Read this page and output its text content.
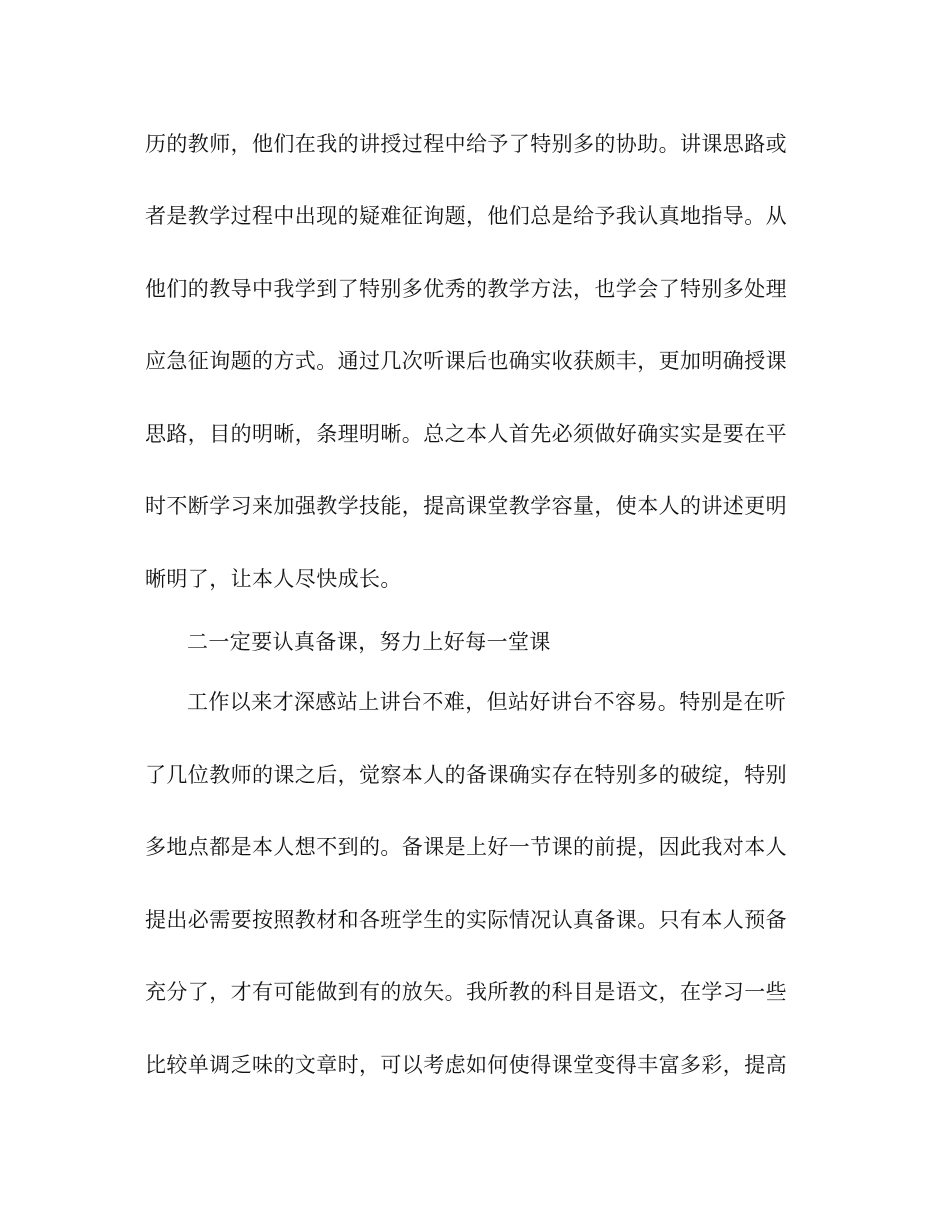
历的教师，他们在我的讲授过程中给予了特别多的协助。讲课思路或
者是教学过程中出现的疑难征询题，他们总是给予我认真地指导。从
他们的教导中我学到了特别多优秀的教学方法，也学会了特别多处理
应急征询题的方式。通过几次听课后也确实收获颇丰，更加明确授课
思路，目的明晰，条理明晰。总之本人首先必须做好确实实是要在平
时不断学习来加强教学技能，提高课堂教学容量，使本人的讲述更明
晰明了，让本人尽快成长。
二一定要认真备课，努力上好每一堂课
工作以来才深感站上讲台不难，但站好讲台不容易。特别是在听
了几位教师的课之后，觉察本人的备课确实存在特别多的破绽，特别
多地点都是本人想不到的。备课是上好一节课的前提，因此我对本人
提出必需要按照教材和各班学生的实际情况认真备课。只有本人预备
充分了，才有可能做到有的放矢。我所教的科目是语文，在学习一些
比较单调乏味的文章时，可以考虑如何使得课堂变得丰富多彩，提高
